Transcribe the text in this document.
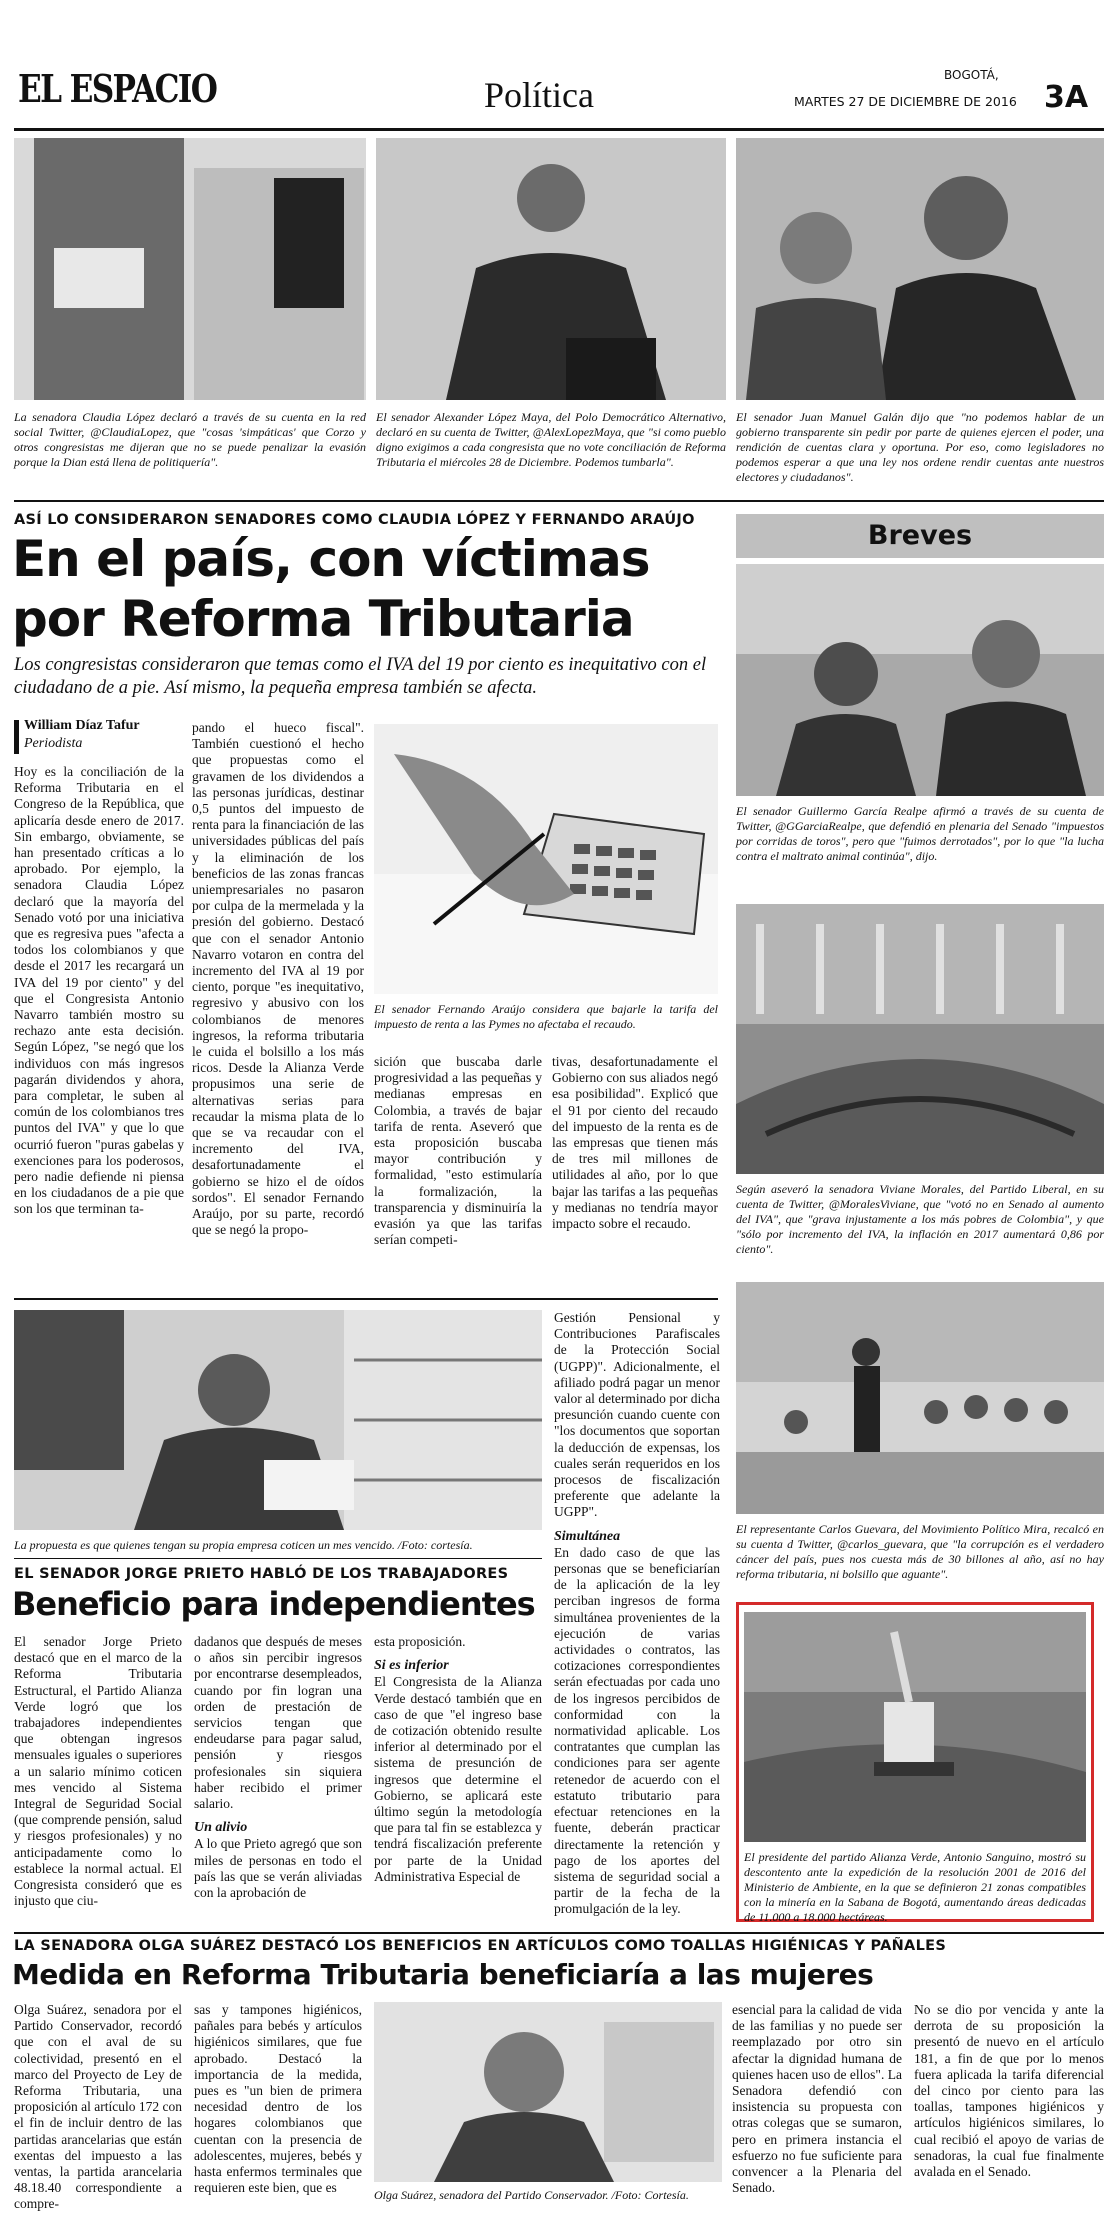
EL ESPACIO	Política	BOGOTÁ,
MARTES 27 DE DICIEMBRE DE 2016 3A
La senadora Claudia López declaró a través de su cuenta en la red social Twitter, @ClaudiaLopez, que "cosas 'simpáticas' que Corzo y otros congresistas me dijeran que no se puede penalizar la evasión porque la Dian está llena de politiquería".
El senador Alexander López Maya, del Polo Democrático Alternativo, declaró en su cuenta de Twitter, @AlexLopezMaya, que "si como pueblo digno exigimos a cada congresista que no vote conciliación de Reforma Tributaria el miércoles 28 de Diciembre. Podemos tumbarla".
El senador Juan Manuel Galán dijo que "no podemos hablar de un gobierno transparente sin pedir por parte de quienes ejercen el poder, una rendición de cuentas clara y oportuna. Por eso, como legisladores no podemos esperar a que una ley nos ordene rendir cuentas ante nuestros electores y ciudadanos".
ASÍ LO CONSIDERARON SENADORES COMO CLAUDIA LÓPEZ Y FERNANDO ARAÚJO
En el país, con víctimas
por Reforma Tributaria
Los congresistas consideraron que temas como el IVA del 19 por ciento es inequitativo con el ciudadano de a pie. Así mismo, la pequeña empresa también se afecta.
William Díaz Tafur
Periodista
Hoy es la conciliación de la Reforma Tributaria en el Congreso de la República, que aplicaría desde enero de 2017. Sin embargo, obviamente, se han presentado críticas a lo aprobado. Por ejemplo, la senadora Claudia López declaró que la mayoría del Senado votó por una iniciativa que es regresiva pues "afecta a todos los colombianos y que desde el 2017 les recargará un IVA del 19 por ciento" y del que el Congresista Antonio Navarro también mostro su rechazo ante esta decisión. Según López, "se negó que los individuos con más ingresos pagarán dividendos y ahora, para completar, le suben al común de los colombianos tres puntos del IVA" y que lo que ocurrió fueron "puras gabelas y exenciones para los poderosos, pero nadie defiende ni piensa en los ciudadanos de a pie que son los que terminan ta-
pando el hueco fiscal". También cuestionó el hecho que propuestas como el gravamen de los dividendos a las personas jurídicas, destinar 0,5 puntos del impuesto de renta para la financiación de las universidades públicas del país y la eliminación de los beneficios de las zonas francas uniempresariales no pasaron por culpa de la mermelada y la presión del gobierno. Destacó que con el senador Antonio Navarro votaron en contra del incremento del IVA al 19 por ciento, porque "es inequitativo, regresivo y abusivo con los colombianos de menores ingresos, la reforma tributaria le cuida el bolsillo a los más ricos. Desde la Alianza Verde propusimos una serie de alternativas serias para recaudar la misma plata de lo que se va recaudar con el incremento del IVA, desafortunadamente el gobierno se hizo el de oídos sordos". El senador Fernando Araújo, por su parte, recordó que se negó la propo-
El senador Fernando Araújo considera que bajarle la tarifa del impuesto de renta a las Pymes no afectaba el recaudo.
sición que buscaba darle progresividad a las pequeñas y medianas empresas en Colombia, a través de bajar tarifa de renta. Aseveró que esta proposición buscaba mayor contribución y formalidad, "esto estimularía la formalización, la transparencia y disminuiría la evasión ya que las tarifas serían competi-
tivas, desafortunadamente el Gobierno con sus aliados negó esa posibilidad". Explicó que el 91 por ciento del recaudo del impuesto de la renta es de las empresas que tienen más de tres mil millones de utilidades al año, por lo que bajar las tarifas a las pequeñas y medianas no tendría mayor impacto sobre el recaudo.
Breves
El senador Guillermo García Realpe afirmó a través de su cuenta de Twitter, @GGarciaRealpe, que defendió en plenaria del Senado "impuestos por corridas de toros", pero que "fuimos derrotados", por lo que "la lucha contra el maltrato animal continúa", dijo.
Según aseveró la senadora Viviane Morales, del Partido Liberal, en su cuenta de Twitter, @MoralesViviane, que "votó no en Senado al aumento del IVA", que "grava injustamente a los más pobres de Colombia", y que "sólo por incremento del IVA, la inflación en 2017 aumentará 0,86 por ciento".
El representante Carlos Guevara, del Movimiento Político Mira, recalcó en su cuenta d Twitter, @carlos_guevara, que "la corrupción es el verdadero cáncer del país, pues nos cuesta más de 30 billones al año, así no hay reforma tributaria, ni bolsillo que aguante".
El presidente del partido Alianza Verde, Antonio Sanguino, mostró su descontento ante la expedición de la resolución 2001 de 2016 del Ministerio de Ambiente, en la que se definieron 21 zonas compatibles con la minería en la Sabana de Bogotá, aumentando áreas dedicadas de 11.000 a 18.000 hectáreas.
La propuesta es que quienes tengan su propia empresa coticen un mes vencido. /Foto: cortesía.
EL SENADOR JORGE PRIETO HABLÓ DE LOS TRABAJADORES
Beneficio para independientes
El senador Jorge Prieto destacó que en el marco de la Reforma Tributaria Estructural, el Partido Alianza Verde logró que los trabajadores independientes que obtengan ingresos mensuales iguales o superiores a un salario mínimo coticen mes vencido al Sistema Integral de Seguridad Social (que comprende pensión, salud y riesgos profesionales) y no anticipadamente como lo establece la normal actual. El Congresista consideró que es injusto que ciu-

dadanos que después de meses o años sin percibir ingresos por encontrarse desempleados, cuando por fin logran una orden de prestación de servicios tengan que endeudarse para pagar salud, pensión y riesgos profesionales sin siquiera haber recibido el primer salario.

Un alivio

A lo que Prieto agregó que son miles de personas en todo el país las que se verán aliviadas con la aprobación de

esta proposición.

Si es inferior

El Congresista de la Alianza Verde destacó también que en caso de que "el ingreso base de cotización obtenido resulte inferior al determinado por el sistema de presunción de ingresos que determine el Gobierno, se aplicará este último según la metodología que para tal fin se establezca y tendrá fiscalización preferente por parte de la Unidad Administrativa Especial de

Gestión Pensional y Contribuciones Parafiscales de la Protección Social (UGPP)". Adicionalmente, el afiliado podrá pagar un menor valor al determinado por dicha presunción cuando cuente con "los documentos que soportan la deducción de expensas, los cuales serán requeridos en los procesos de fiscalización preferente que adelante la UGPP".

Simultánea

En dado caso de que las personas que se beneficiarían de la aplicación de la ley perciban ingresos de forma simultánea provenientes de la ejecución de varias actividades o contratos, las cotizaciones correspondientes serán efectuadas por cada uno de los ingresos percibidos de conformidad con la normatividad aplicable. Los contratantes que cumplan las condiciones para ser agente retenedor de acuerdo con el estatuto tributario para efectuar retenciones en la fuente, deberán practicar directamente la retención y pago de los aportes del sistema de seguridad social a partir de la fecha de la promulgación de la ley.

LA SENADORA OLGA SUÁREZ DESTACÓ LOS BENEFICIOS EN ARTÍCULOS COMO TOALLAS HIGIÉNICAS Y PAÑALES
Medida en Reforma Tributaria beneficiaría a las mujeres
Olga Suárez, senadora por el Partido Conservador, recordó que con el aval de su colectividad, presentó en el marco del Proyecto de Ley de Reforma Tributaria, una proposición al artículo 172 con el fin de incluir dentro de las partidas arancelarias que están exentas del impuesto a las ventas, la partida arancelaria 48.18.40 correspondiente a compre-
sas y tampones higiénicos, pañales para bebés y artículos higiénicos similares, que fue aprobado. Destacó la importancia de la medida, pues es "un bien de primera necesidad dentro de los hogares colombianos que cuentan con la presencia de adolescentes, mujeres, bebés y hasta enfermos terminales que requieren este bien, que es	Olga Suárez, senadora del Partido Conservador. /Foto: Cortesía.
esencial para la calidad de vida de las familias y no puede ser reemplazado por otro sin afectar la dignidad humana de quienes hacen uso de ellos". La Senadora defendió con insistencia su propuesta con otras colegas que se sumaron, pero en primera instancia el esfuerzo no fue suficiente para convencer a la Plenaria del Senado.
No se dio por vencida y ante la derrota de su proposición la presentó de nuevo en el artículo 181, a fin de que por lo menos fuera aplicada la tarifa diferencial del cinco por ciento para las toallas, tampones higiénicos y artículos higiénicos similares, lo cual recibió el apoyo de varias de senadoras, la cual fue finalmente avalada en el Senado.
